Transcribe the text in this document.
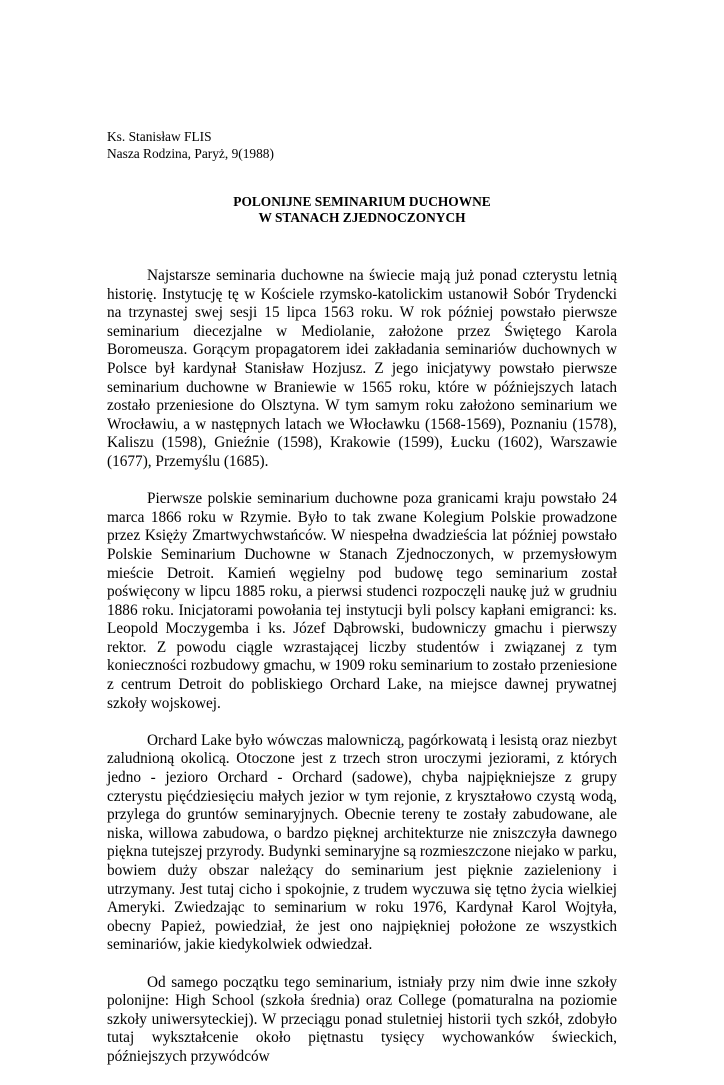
Ks. Stanisław FLIS

Nasza Rodzina, Paryż, 9(1988)

POLONIJNE SEMINARIUM DUCHOWNE

W STANACH ZJEDNOCZONYCH

Najstarsze seminaria duchowne na świecie mają już ponad czterystu letnią historię. Instytucję tę w Kościele rzymsko-katolickim ustanowił Sobór Trydencki na trzynastej swej sesji 15 lipca 1563 roku. W rok później powstało pierwsze seminarium diecezjalne w Mediolanie, założone przez Świętego Karola Boromeusza. Gorącym propagatorem idei zakładania seminariów duchownych w Polsce był kardynał Stanisław Hozjusz. Z jego inicjatywy powstało pierwsze seminarium duchowne w Braniewie w 1565 roku, które w późniejszych latach zostało przeniesione do Olsztyna. W tym samym roku założono seminarium we Wrocławiu, a w następnych latach we Włocławku (1568-1569), Poznaniu (1578), Kaliszu (1598), Gnieźnie (1598), Krakowie (1599), Łucku (1602), Warszawie (1677), Przemyślu (1685).

Pierwsze polskie seminarium duchowne poza granicami kraju powstało 24 marca 1866 roku w Rzymie. Było to tak zwane Kolegium Polskie prowadzone przez Księży Zmartwychwstańców. W niespełna dwadzieścia lat później powstało Polskie Seminarium Duchowne w Stanach Zjednoczonych, w przemysłowym mieście Detroit. Kamień węgielny pod budowę tego seminarium został poświęcony w lipcu 1885 roku, a pierwsi studenci rozpoczęli naukę już w grudniu 1886 roku. Inicjatorami powołania tej instytucji byli polscy kapłani emigranci: ks. Leopold Moczygemba i ks. Józef Dąbrowski, budowniczy gmachu i pierwszy rektor. Z powodu ciągle wzrastającej liczby studentów i związanej z tym konieczności rozbudowy gmachu, w 1909 roku seminarium to zostało przeniesione z centrum Detroit do pobliskiego Orchard Lake, na miejsce dawnej prywatnej szkoły wojskowej.

Orchard Lake było wówczas malowniczą, pagórkowatą i lesistą oraz niezbyt zaludnioną okolicą. Otoczone jest z trzech stron uroczymi jeziorami, z których jedno - jezioro Orchard - Orchard (sadowe), chyba najpiękniejsze z grupy czterystu pięćdziesięciu małych jezior w tym rejonie, z kryształowo czystą wodą, przylega do gruntów seminaryjnych. Obecnie tereny te zostały zabudowane, ale niska, willowa zabudowa, o bardzo pięknej architekturze nie zniszczyła dawnego piękna tutejszej przyrody. Budynki seminaryjne są rozmieszczone niejako w parku, bowiem duży obszar należący do seminarium jest pięknie zazieleniony i utrzymany. Jest tutaj cicho i spokojnie, z trudem wyczuwa się tętno życia wielkiej Ameryki. Zwiedzając to seminarium w roku 1976, Kardynał Karol Wojtyła, obecny Papież, powiedział, że jest ono najpiękniej położone ze wszystkich seminariów, jakie kiedykolwiek odwiedzał.

Od samego początku tego seminarium, istniały przy nim dwie inne szkoły polonijne: High School (szkoła średnia) oraz College (pomaturalna na poziomie szkoły uniwersyteckiej). W przeciągu ponad stuletniej historii tych szkół, zdobyło tutaj wykształcenie około piętnastu tysięcy wychowanków świeckich, późniejszych przywódców
